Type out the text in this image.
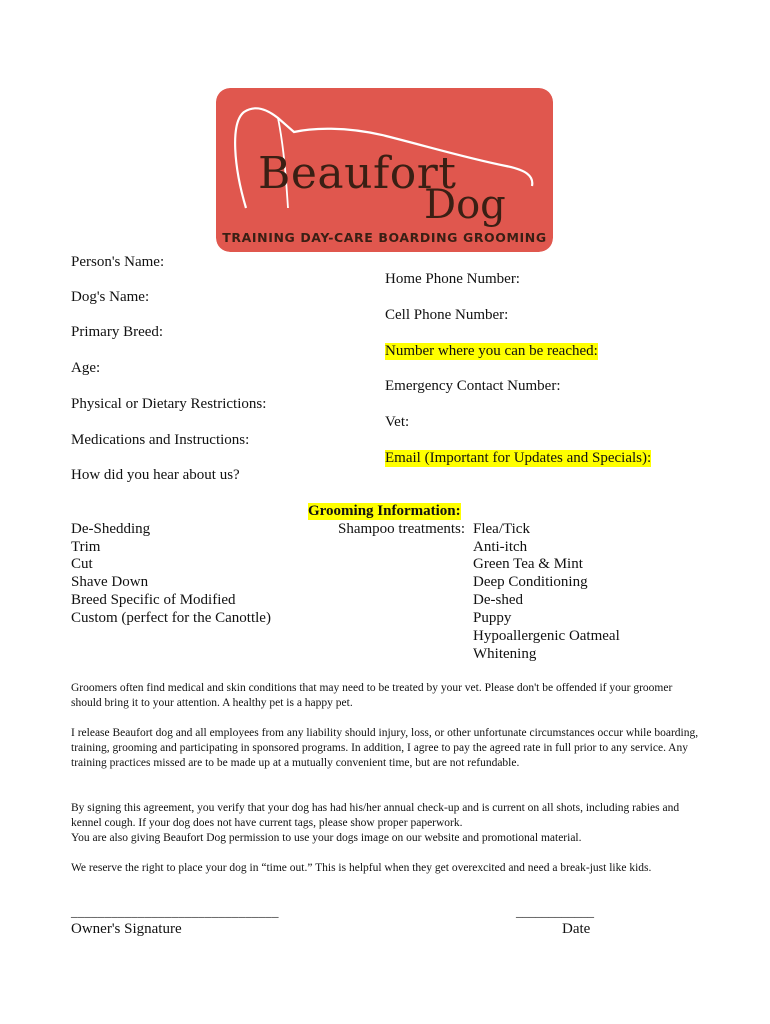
Beaufort
Dog
TRAINING DAY-CARE BOARDING GROOMING
Person's Name:
Dog's Name:
Primary Breed:
Age:
Physical or Dietary Restrictions:
Medications and Instructions:
How did you hear about us?
Home Phone Number:
Cell Phone Number:
Number where you can be reached:
Emergency Contact Number:
Vet:
Email (Important for Updates and Specials):
Grooming Information:
Shampoo treatments:
De-Shedding
Trim
Cut
Shave Down
Breed Specific of Modified
Custom (perfect for the Canottle)
Flea/Tick
Anti-itch
Green Tea & Mint
Deep Conditioning
De-shed
Puppy
Hypoallergenic Oatmeal
Whitening
Groomers often find medical and skin conditions that may need to be treated by your vet. Please don't be offended if your groomer should bring it to your attention. A healthy pet is a happy pet.
I release Beaufort dog and all employees from any liability should injury, loss, or other unfortunate circumstances occur while boarding, training, grooming and participating in sponsored programs. In addition, I agree to pay the agreed rate in full prior to any service. Any training practices missed are to be made up at a mutually convenient time, but are not refundable.
By signing this agreement, you verify that your dog has had his/her annual check-up and is current on all shots, including rabies and kennel cough. If your dog does not have current tags, please show proper paperwork.
You are also giving Beaufort Dog permission to use your dogs image on our website and promotional material.
We reserve the right to place your dog in “time out.” This is helpful when they get overexcited and need a break-just like kids.
_______________________________
Owner's Signature
____________
Date
